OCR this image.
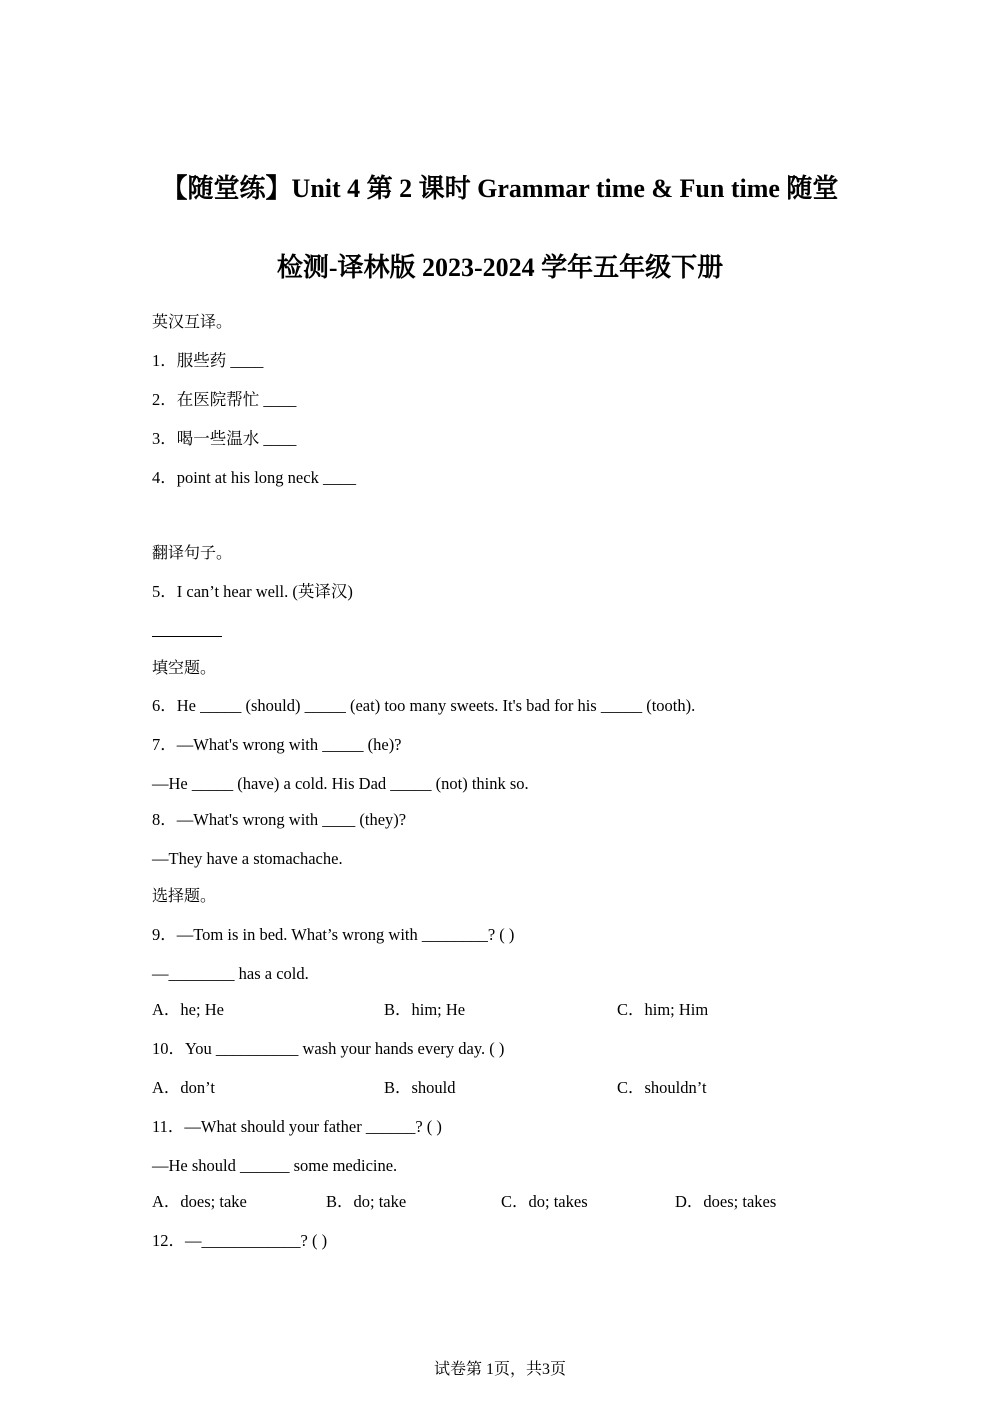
【随堂练】Unit 4 第 2 课时 Grammar time & Fun time 随堂
检测-译林版 2023-2024 学年五年级下册
英汉互译。
1．服些药 ____
2．在医院帮忙 ____
3．喝一些温水 ____
4．point at his long neck ____
翻译句子。
5．I can’t hear well. (英译汉)
填空题。
6．He _____ (should) _____ (eat) too many sweets. It's bad for his _____ (tooth).
7．—What's wrong with _____ (he)?
—He _____ (have) a cold. His Dad _____ (not) think so.
8．—What's wrong with ____ (they)?
—They have a stomachache.
选择题。
9．—Tom is in bed. What’s wrong with ________? ( )
—________ has a cold.
A．he; He	B．him; He	C．him; Him
10．You __________ wash your hands every day. ( )
A．don’t	B．should	C．shouldn’t
11．—What should your father ______? ( )
—He should ______ some medicine.
A．does; take	B．do; take	C．do; takes	D．does; takes
12．—____________? ( )
试卷第 1页，共3页
